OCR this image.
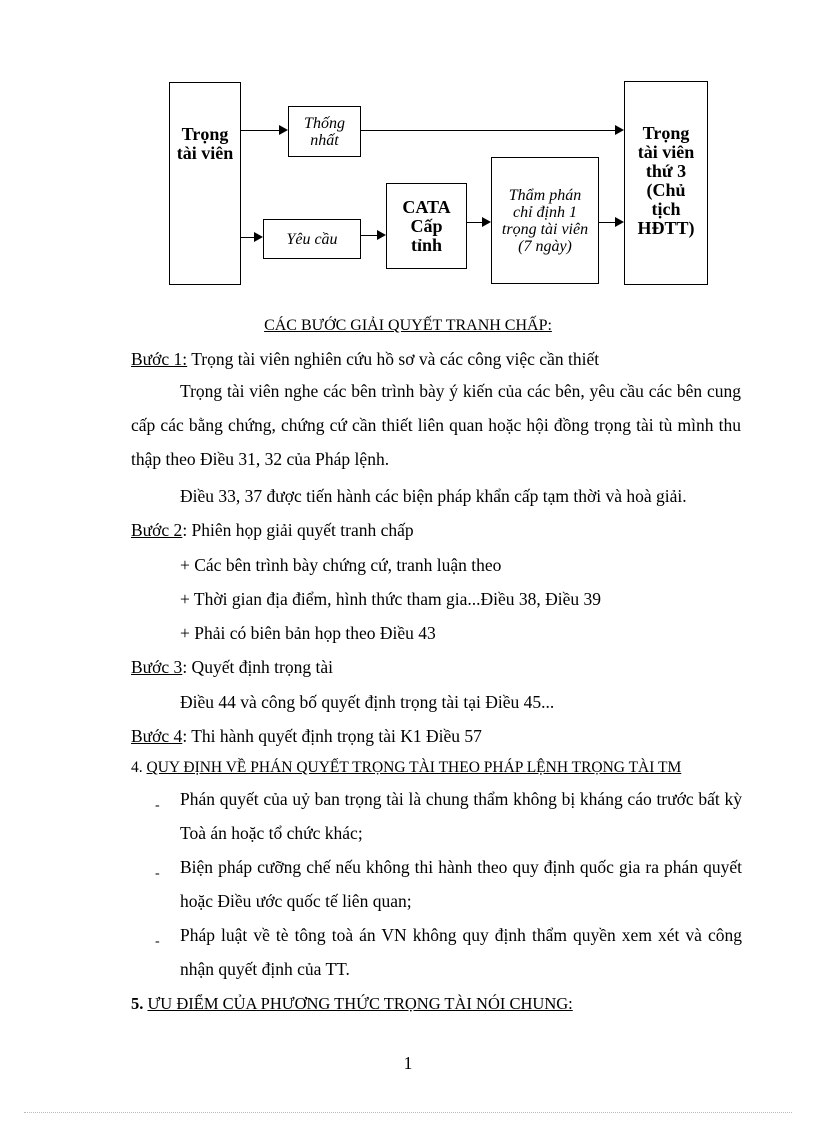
Trọng tài viên
Thống nhất
Yêu cầu
CATA Cấp tỉnh
Thẩm phán chỉ định 1 trọng tài viên (7 ngày)
Trọng tài viên thứ 3 (Chủ tịch HĐTT)
CÁC BƯỚC GIẢI QUYẾT TRANH CHẤP:
Bước 1: Trọng tài viên nghiên cứu hồ sơ và các công việc cần thiết
Trọng tài viên nghe các bên trình bày ý kiến của các bên, yêu cầu các bên cung cấp các bằng chứng, chứng cứ cần thiết liên quan hoặc hội đồng trọng tài tù mình thu thập theo Điều 31, 32 của Pháp lệnh.
Điều 33, 37 được tiến hành các biện pháp khẩn cấp tạm thời và hoà giải.
Bước 2: Phiên họp giải quyết tranh chấp
+ Các bên trình bày chứng cứ, tranh luận theo
+ Thời gian địa điểm, hình thức tham gia...Điều 38, Điều 39
+ Phải có biên bản họp theo Điều 43
Bước 3: Quyết định trọng tài
Điều 44 và công bố quyết định trọng tài tại Điều 45...
Bước 4: Thi hành quyết định trọng tài K1 Điều 57
4. QUY ĐỊNH VỀ PHÁN QUYẾT TRỌNG TÀI THEO PHÁP LỆNH TRỌNG TÀI TM
- Phán quyết của uỷ ban trọng tài là chung thẩm không bị kháng cáo trước bất kỳ Toà án hoặc tổ chức khác;
- Biện pháp cưỡng chế nếu không thi hành theo quy định quốc gia ra phán quyết hoặc Điều ước quốc tế liên quan;
- Pháp luật về tè tông toà án VN không quy định thẩm quyền xem xét và công nhận quyết định của TT.
5. ƯU ĐIỂM CỦA PHƯƠNG THỨC TRỌNG TÀI NÓI CHUNG:
1
